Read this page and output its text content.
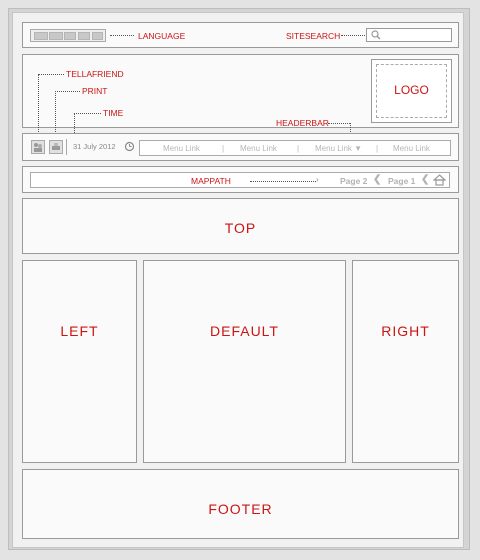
LANGUAGE	SITESEARCH
LOGO
TELLAFRIEND
PRINT
TIME
HEADERBAR
31 July 2012	Menu Link	| Menu Link	| Menu Link ▼ | Menu Link
MAPPATH	›	Page 2 ❮ Page 1 ❮
TOP
LEFT	DEFAULT	RIGHT
FOOTER
